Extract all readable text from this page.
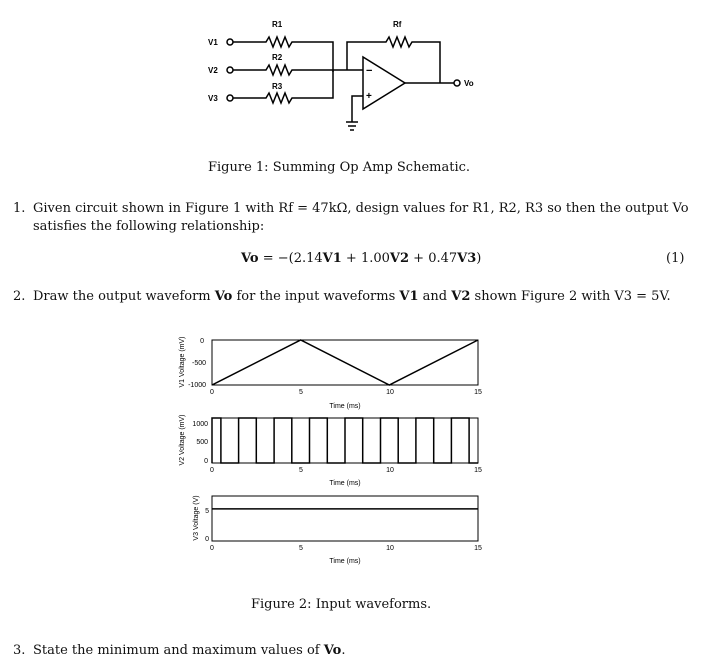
V1
V2
V3
R1
R2
R3
Rf
Vo
−
+
Figure 1: Summing Op Amp Schematic.
1. Given circuit shown in Figure 1 with Rf = 47kΩ, design values for R1, R2, R3 so then the output Vo
satisfies the following relationship:
Vo = −(2.14V1 + 1.00V2 + 0.47V3)	(1)
2. Draw the output waveform Vo for the input waveforms V1 and V2 shown Figure 2 with V3 = 5V.
0
-500
-1000
0	5	10	15
Time (ms)
V1 Voltage (mV)
1000
500
0
0	5	10	15
Time (ms)
V2 Voltage (mV)
5
0
0	5	10	15
Time (ms)
V3 Voltage (V)
Figure 2: Input waveforms.
3. State the minimum and maximum values of Vo.
